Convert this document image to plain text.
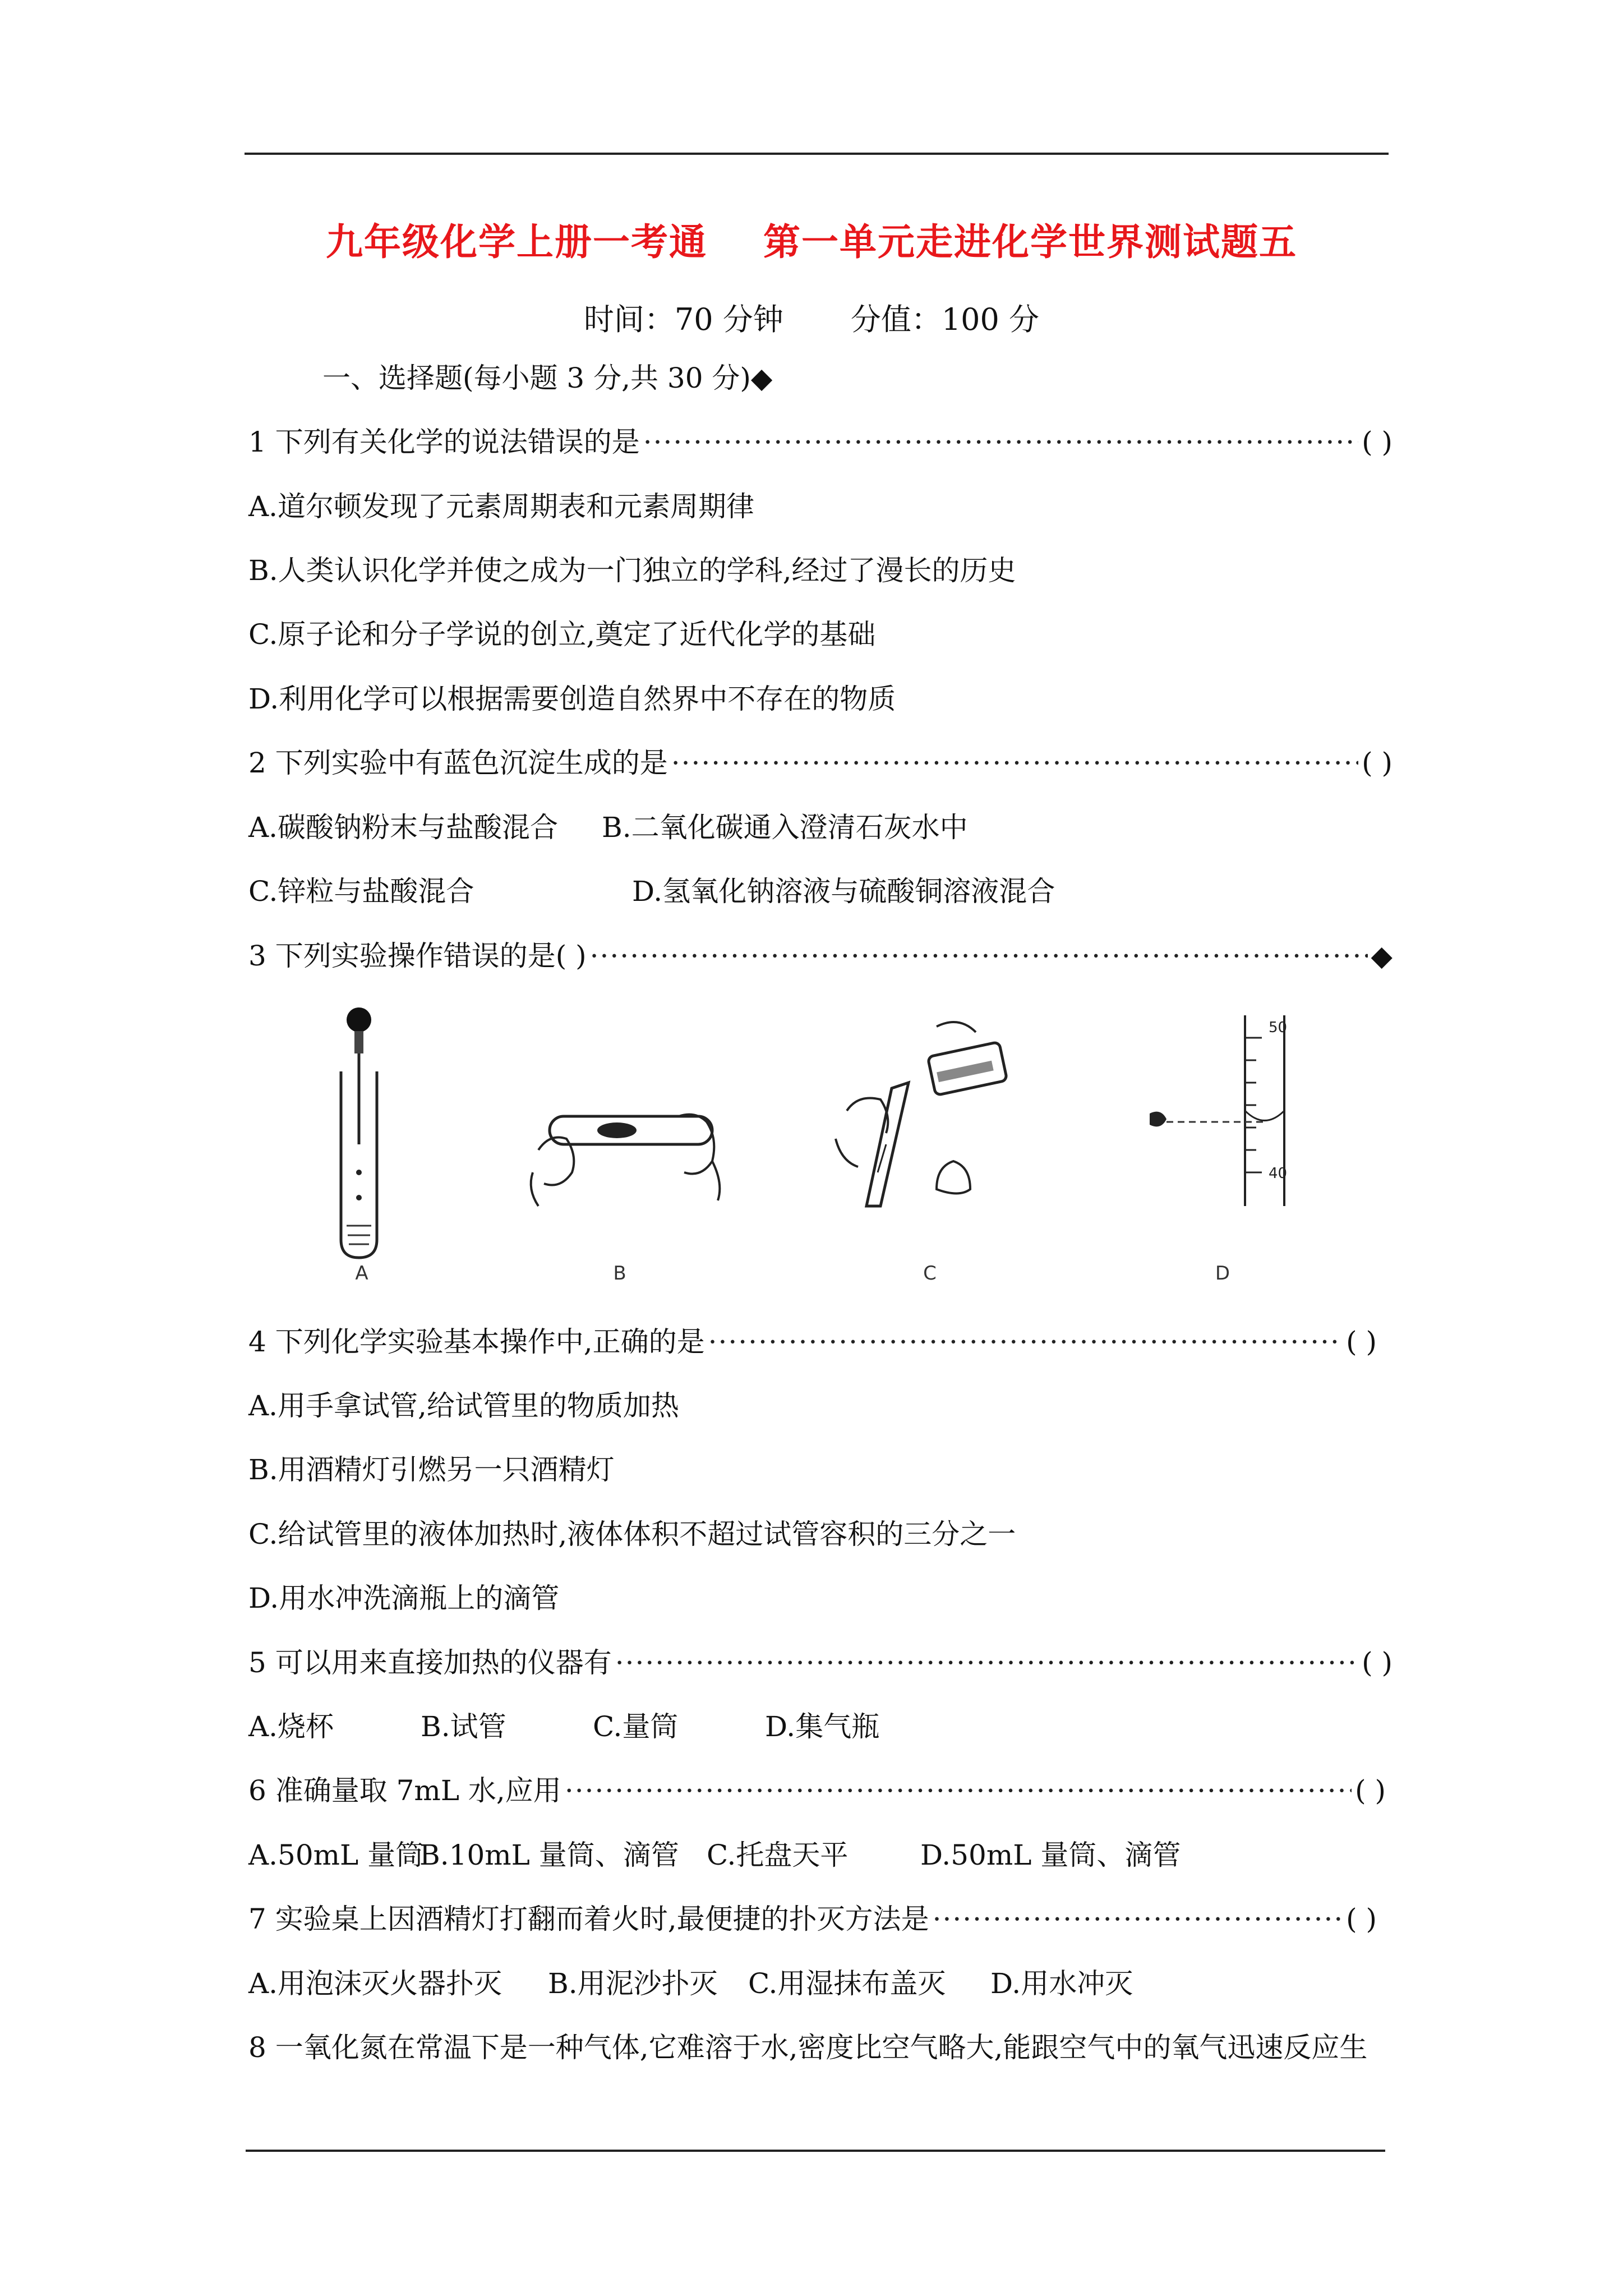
九年级化学上册一考通 第一单元走进化学世界测试题五
时间：70 分钟 分值：100 分
一、选择题(每小题 3 分,共 30 分)◆
1 下列有关化学的说法错误的是 ·····	( )
A.道尔顿发现了元素周期表和元素周期律
B.人类认识化学并使之成为一门独立的学科,经过了漫长的历史
C.原子论和分子学说的创立,奠定了近代化学的基础
D.利用化学可以根据需要创造自然界中不存在的物质
2 下列实验中有蓝色沉淀生成的是 ·····	( )
A.碳酸钠粉末与盐酸混合 B.二氧化碳通入澄清石灰水中
C.锌粒与盐酸混合	D.氢氧化钠溶液与硫酸铜溶液混合
3 下列实验操作错误的是( ) ·····	◆
50
40
A	B	C	D
4 下列化学实验基本操作中,正确的是 ·····	( )
A.用手拿试管,给试管里的物质加热
B.用酒精灯引燃另一只酒精灯
C.给试管里的液体加热时,液体体积不超过试管容积的三分之一
D.用水冲洗滴瓶上的滴管
5 可以用来直接加热的仪器有 ·····	( )
A.烧杯	B.试管	C.量筒	D.集气瓶
6 准确量取 7mL 水,应用 ·····	( )
A.50mL 量筒B.10mL 量筒、滴管 C.托盘天平	D.50mL 量筒、滴管
7 实验桌上因酒精灯打翻而着火时,最便捷的扑灭方法是 ·····	( )
A.用泡沫灭火器扑灭 B.用泥沙扑灭 C.用湿抹布盖灭 D.用水冲灭
8 一氧化氮在常温下是一种气体,它难溶于水,密度比空气略大,能跟空气中的氧气迅速反应生
